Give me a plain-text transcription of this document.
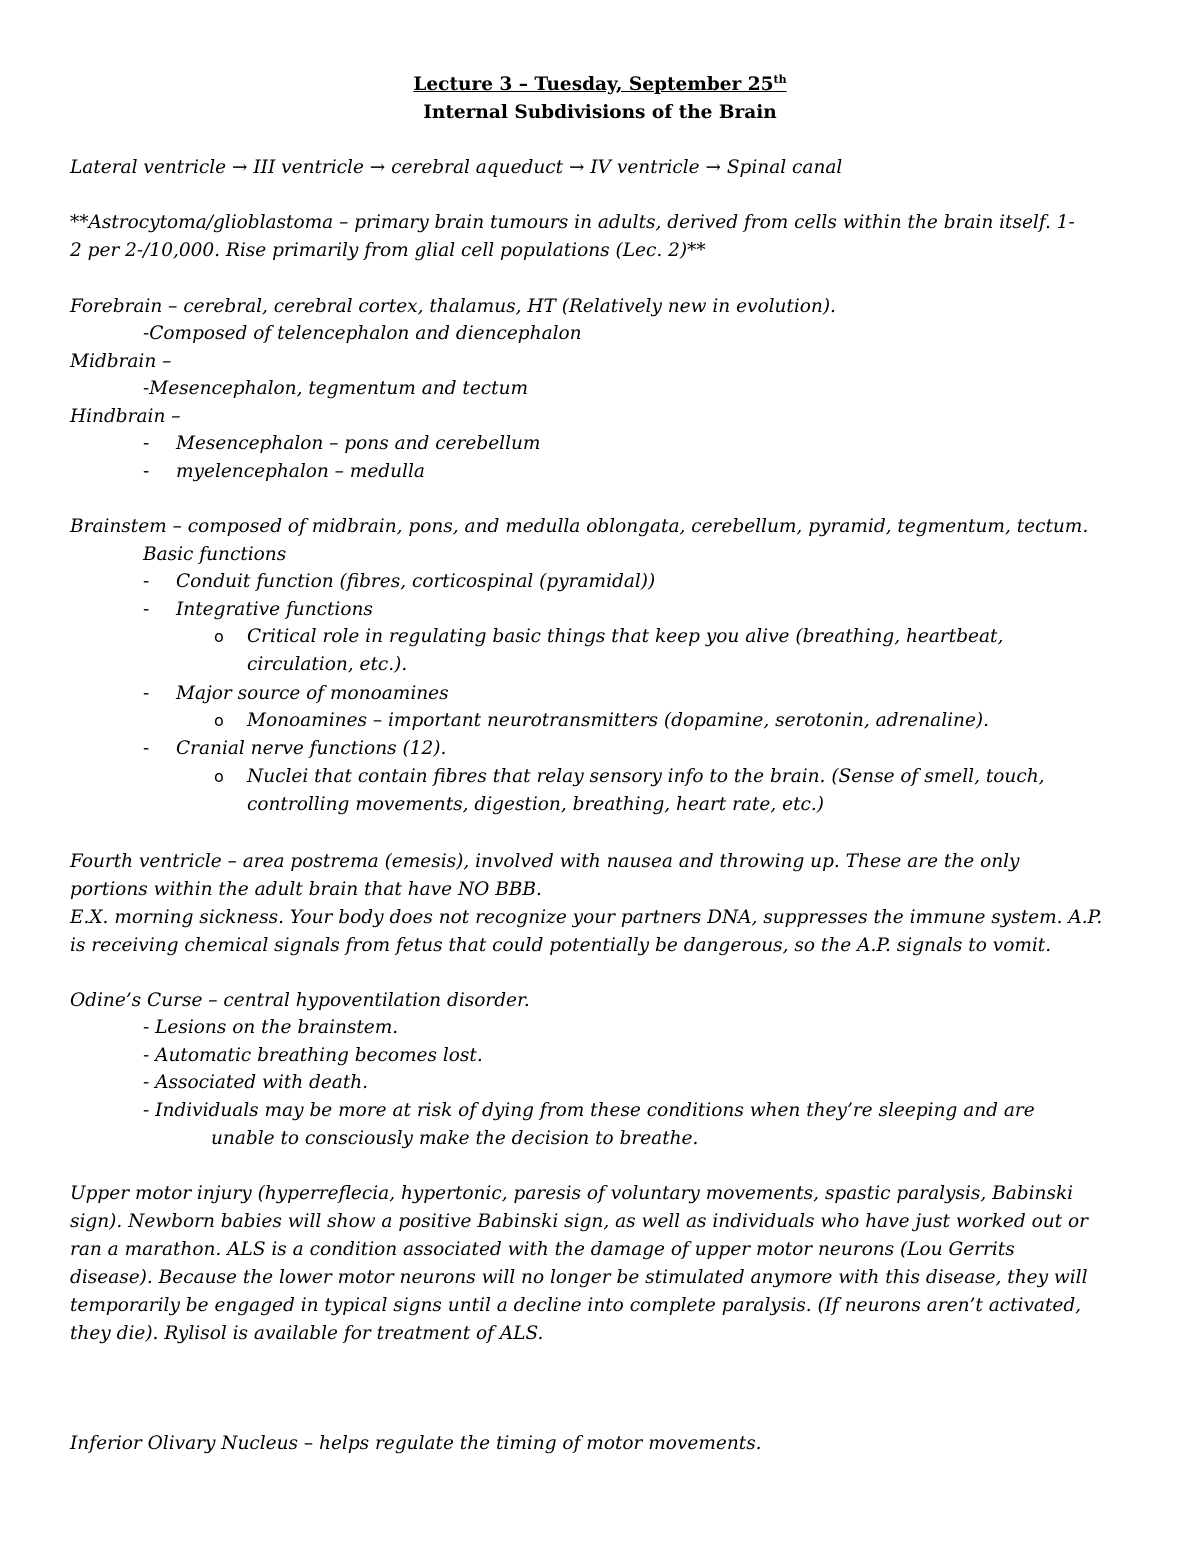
Lecture 3 – Tuesday, September 25th
Internal Subdivisions of the Brain
Lateral ventricle → III ventricle → cerebral aqueduct → IV ventricle → Spinal canal
**Astrocytoma/glioblastoma – primary brain tumours in adults, derived from cells within the brain itself. 1-
2 per 2-/10,000. Rise primarily from glial cell populations (Lec. 2)**
Forebrain – cerebral, cerebral cortex, thalamus, HT (Relatively new in evolution).
-Composed of telencephalon and diencephalon
Midbrain –
-Mesencephalon, tegmentum and tectum
Hindbrain –
- Mesencephalon – pons and cerebellum
- myelencephalon – medulla
Brainstem – composed of midbrain, pons, and medulla oblongata, cerebellum, pyramid, tegmentum, tectum.
Basic functions
- Conduit function (fibres, corticospinal (pyramidal))
- Integrative functions
o Critical role in regulating basic things that keep you alive (breathing, heartbeat,
circulation, etc.).
- Major source of monoamines
o Monoamines – important neurotransmitters (dopamine, serotonin, adrenaline).
- Cranial nerve functions (12).
o Nuclei that contain fibres that relay sensory info to the brain. (Sense of smell, touch,
controlling movements, digestion, breathing, heart rate, etc.)
Fourth ventricle – area postrema (emesis), involved with nausea and throwing up. These are the only
portions within the adult brain that have NO BBB.
E.X. morning sickness. Your body does not recognize your partners DNA, suppresses the immune system. A.P.
is receiving chemical signals from fetus that could potentially be dangerous, so the A.P. signals to vomit.
Odine’s Curse – central hypoventilation disorder.
- Lesions on the brainstem.
- Automatic breathing becomes lost.
- Associated with death.
- Individuals may be more at risk of dying from these conditions when they’re sleeping and are
unable to consciously make the decision to breathe.
Upper motor injury (hyperreflecia, hypertonic, paresis of voluntary movements, spastic paralysis, Babinski
sign). Newborn babies will show a positive Babinski sign, as well as individuals who have just worked out or
ran a marathon. ALS is a condition associated with the damage of upper motor neurons (Lou Gerrits
disease). Because the lower motor neurons will no longer be stimulated anymore with this disease, they will
temporarily be engaged in typical signs until a decline into complete paralysis. (If neurons aren’t activated,
they die). Rylisol is available for treatment of ALS.
Inferior Olivary Nucleus – helps regulate the timing of motor movements.
